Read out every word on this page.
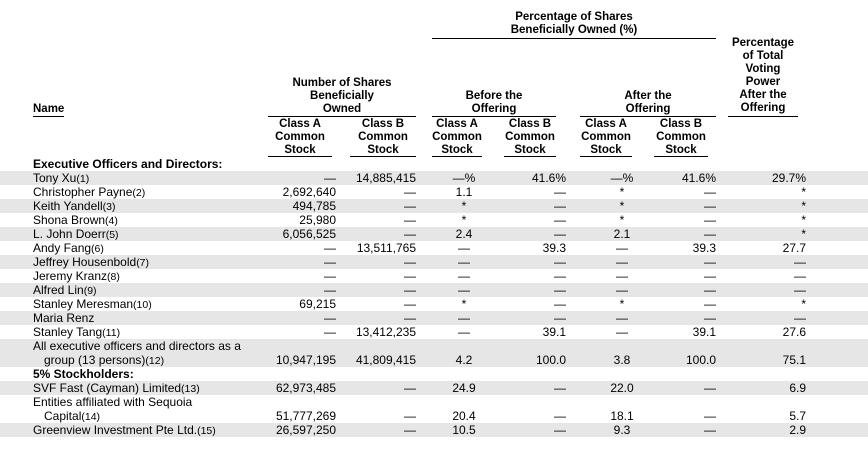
Percentage of Shares
Beneficially Owned (%)
Number of Shares
Beneficially
Owned
Before the
Offering
After the
Offering
Percentage
of Total
Voting
Power
After the
Offering
Name
Class A
Common
Stock
Class B
Common
Stock
Class A
Common
Stock
Class B
Common
Stock
Class A
Common
Stock
Class B
Common
Stock
Executive Officers and Directors:
Tony Xu(1)	—	14,885,415	—%	41.6%	—%	41.6%	29.7%
Christopher Payne(2)	2,692,640	—	1.1	—	*	—	*
Keith Yandell(3)	494,785	—	*	—	*	—	*
Shona Brown(4)	25,980	—	*	—	*	—	*
L. John Doerr(5)	6,056,525	—	2.4	—	2.1	—	*
Andy Fang(6)	—	13,511,765	—	39.3	—	39.3	27.7
Jeffrey Housenbold(7)	—	—	—	—	—	—	—
Jeremy Kranz(8)	—	—	—	—	—	—	—
Alfred Lin(9)	—	—	—	—	—	—	—
Stanley Meresman(10)	69,215	—	*	—	*	—	*
Maria Renz	—	—	—	—	—	—	—
Stanley Tang(11)	—	13,412,235	—	39.1	—	39.1	27.6
All executive officers and directors as a
group (13 persons)(12)	10,947,195	41,809,415	4.2	100.0	3.8	100.0	75.1
5% Stockholders:
SVF Fast (Cayman) Limited(13)	62,973,485	—	24.9	—	22.0	—	6.9
Entities affiliated with Sequoia
Capital(14)	51,777,269	—	20.4	—	18.1	—	5.7
Greenview Investment Pte Ltd.(15)	26,597,250	—	10.5	—	9.3	—	2.9
